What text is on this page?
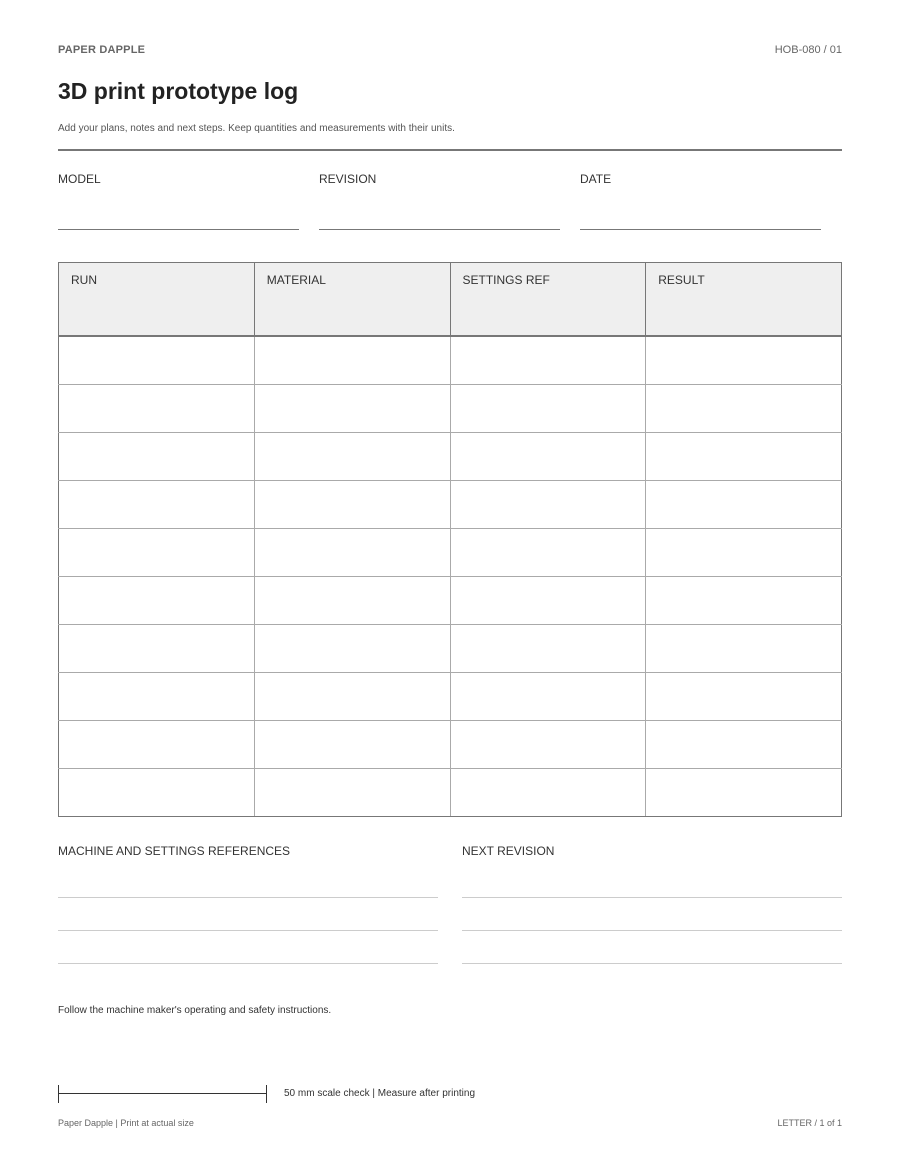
PAPER DAPPLE	HOB-080 / 01
3D print prototype log
Add your plans, notes and next steps. Keep quantities and measurements with their units.
MODEL	REVISION	DATE
RUN	MATERIAL	SETTINGS REF	RESULT

MACHINE AND SETTINGS REFERENCES	NEXT REVISION
Follow the machine maker's operating and safety instructions.
50 mm scale check | Measure after printing
Paper Dapple | Print at actual size	LETTER / 1 of 1
